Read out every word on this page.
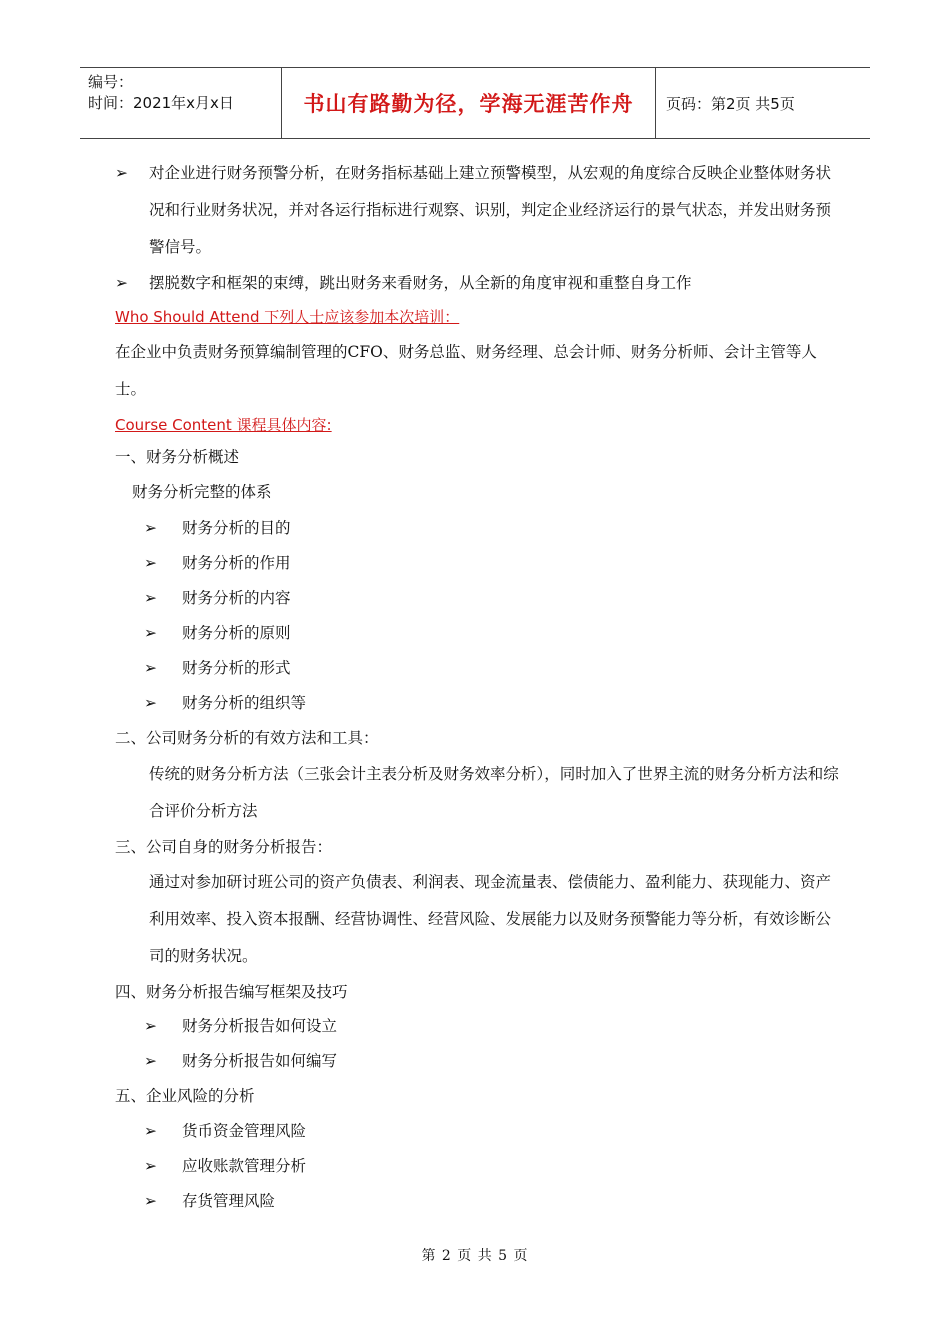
编号：
时间：2021年x月x日	书山有路勤为径，学海无涯苦作舟	页码：第2页 共5页
➢ 对企业进行财务预警分析，在财务指标基础上建立预警模型，从宏观的角度综合反映企业整体财务状况和行业财务状况，并对各运行指标进行观察、识别，判定企业经济运行的景气状态，并发出财务预警信号。
➢ 摆脱数字和框架的束缚，跳出财务来看财务，从全新的角度审视和重整自身工作
Who Should Attend 下列人士应该参加本次培训：
在企业中负责财务预算编制管理的CFO、财务总监、财务经理、总会计师、财务分析师、会计主管等人士。
Course Content 课程具体内容:
一、财务分析概述
财务分析完整的体系
➢ 财务分析的目的
➢ 财务分析的作用
➢ 财务分析的内容
➢ 财务分析的原则
➢ 财务分析的形式
➢ 财务分析的组织等
二、公司财务分析的有效方法和工具：
传统的财务分析方法（三张会计主表分析及财务效率分析），同时加入了世界主流的财务分析方法和综合评价分析方法
三、公司自身的财务分析报告：
通过对参加研讨班公司的资产负债表、利润表、现金流量表、偿债能力、盈利能力、获现能力、资产利用效率、投入资本报酬、经营协调性、经营风险、发展能力以及财务预警能力等分析，有效诊断公司的财务状况。
四、财务分析报告编写框架及技巧
➢ 财务分析报告如何设立
➢ 财务分析报告如何编写
五、企业风险的分析
➢ 货币资金管理风险
➢ 应收账款管理分析
➢ 存货管理风险
第 2 页 共 5 页
